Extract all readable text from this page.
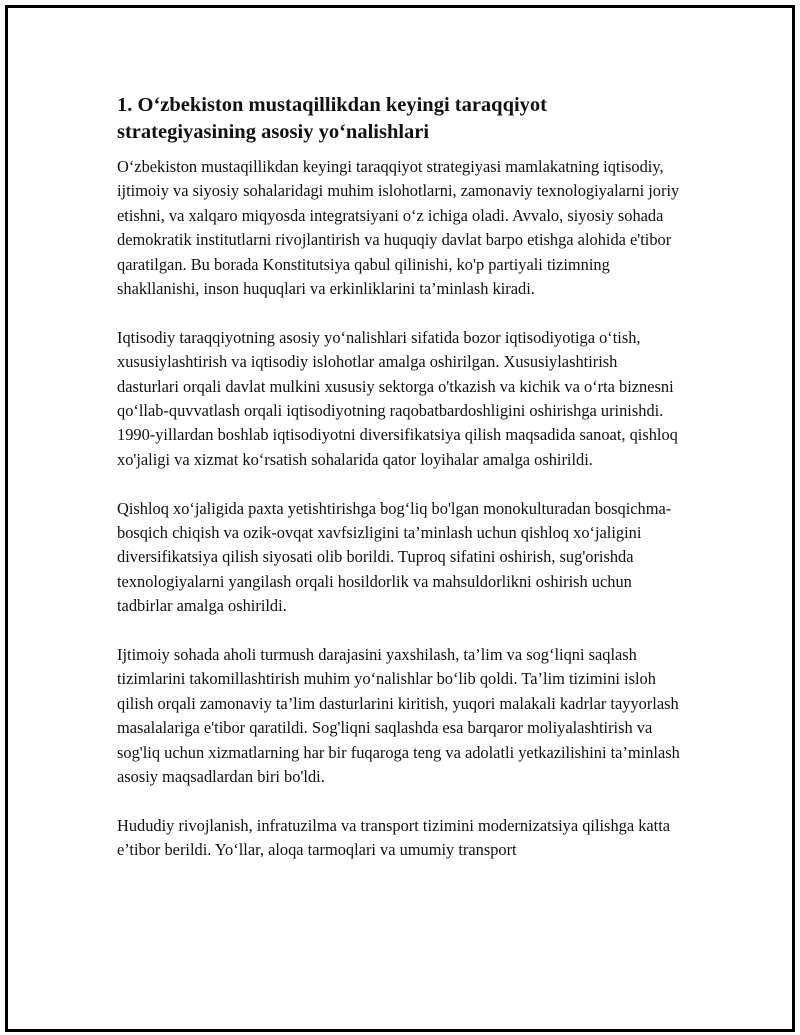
1. O‘zbekiston mustaqillikdan keyingi taraqqiyot strategiyasining asosiy yo‘nalishlari

O‘zbekiston mustaqillikdan keyingi taraqqiyot strategiyasi mamlakatning iqtisodiy, ijtimoiy va siyosiy sohalaridagi muhim islohotlarni, zamonaviy texnologiyalarni joriy etishni, va xalqaro miqyosda integratsiyani o‘z ichiga oladi. Avvalo, siyosiy sohada demokratik institutlarni rivojlantirish va huquqiy davlat barpo etishga alohida e'tibor qaratilgan. Bu borada Konstitutsiya qabul qilinishi, ko'p partiyali tizimning shakllanishi, inson huquqlari va erkinliklarini ta’minlash kiradi.

Iqtisodiy taraqqiyotning asosiy yo‘nalishlari sifatida bozor iqtisodiyotiga o‘tish, xususiylashtirish va iqtisodiy islohotlar amalga oshirilgan. Xususiylashtirish dasturlari orqali davlat mulkini xususiy sektorga o'tkazish va kichik va o‘rta biznesni qo‘llab-quvvatlash orqali iqtisodiyotning raqobatbardoshligini oshirishga urinishdi. 1990-yillardan boshlab iqtisodiyotni diversifikatsiya qilish maqsadida sanoat, qishloq xo'jaligi va xizmat ko‘rsatish sohalarida qator loyihalar amalga oshirildi.

Qishloq xo‘jaligida paxta yetishtirishga bog‘liq bo'lgan monokulturadan bosqichma-bosqich chiqish va ozik-ovqat xavfsizligini ta’minlash uchun qishloq xo‘jaligini diversifikatsiya qilish siyosati olib borildi. Tuproq sifatini oshirish, sug'orishda texnologiyalarni yangilash orqali hosildorlik va mahsuldorlikni oshirish uchun tadbirlar amalga oshirildi.

Ijtimoiy sohada aholi turmush darajasini yaxshilash, ta’lim va sog‘liqni saqlash tizimlarini takomillashtirish muhim yo‘nalishlar bo‘lib qoldi. Ta’lim tizimini isloh qilish orqali zamonaviy ta’lim dasturlarini kiritish, yuqori malakali kadrlar tayyorlash masalalariga e'tibor qaratildi. Sog'liqni saqlashda esa barqaror moliyalashtirish va sog'liq uchun xizmatlarning har bir fuqaroga teng va adolatli yetkazilishini ta’minlash asosiy maqsadlardan biri bo'ldi.

Hududiy rivojlanish, infratuzilma va transport tizimini modernizatsiya qilishga katta e’tibor berildi. Yo‘llar, aloqa tarmoqlari va umumiy transport
